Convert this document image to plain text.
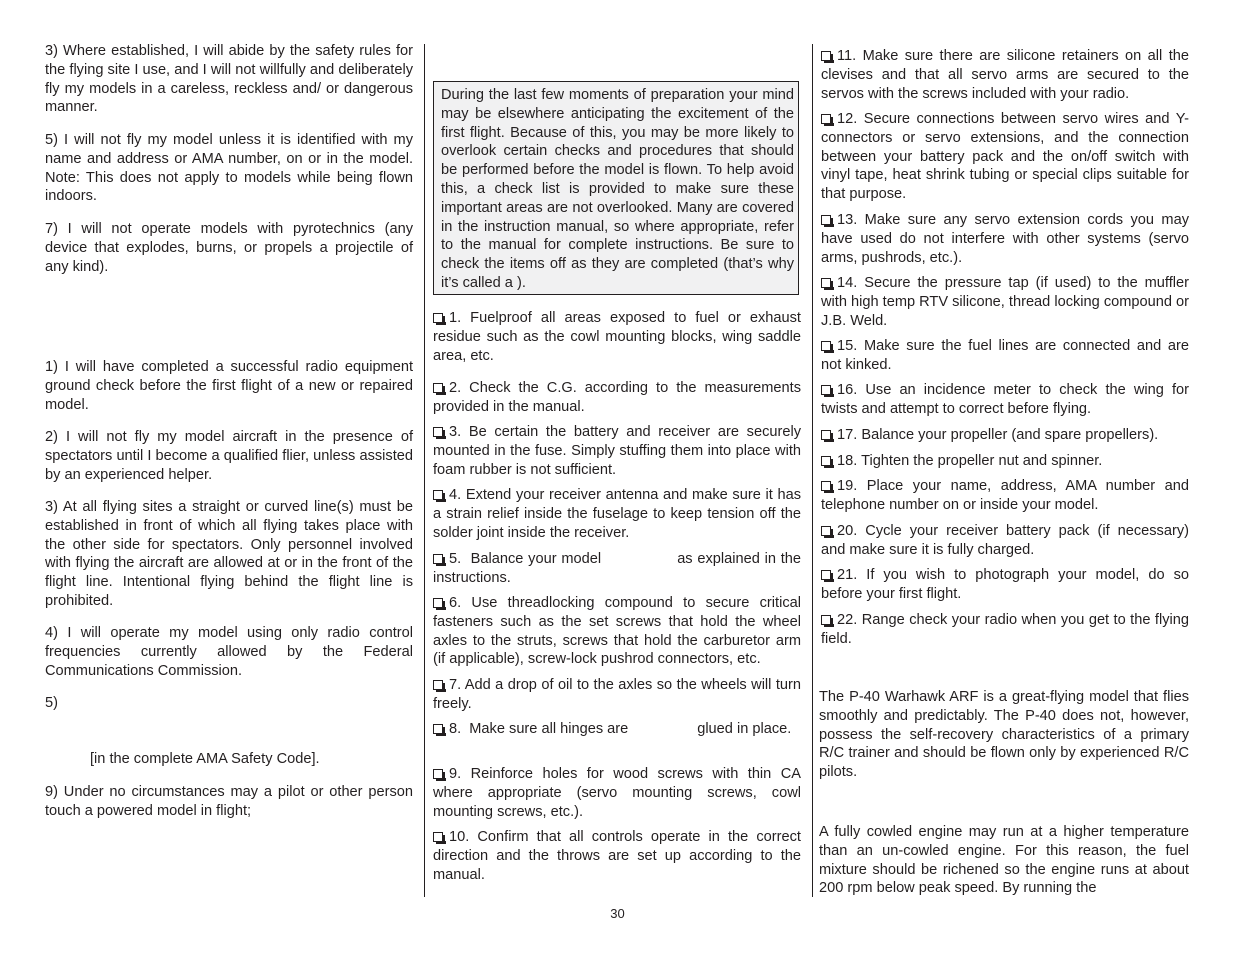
3) Where established, I will abide by the safety rules for the flying site I use, and I will not willfully and deliberately fly my models in a careless, reckless and/ or dangerous manner.

5) I will not fly my model unless it is identified with my name and address or AMA number, on or in the model. Note: This does not apply to models while being flown indoors.

7) I will not operate models with pyrotechnics (any device that explodes, burns, or propels a projectile of any kind).

1) I will have completed a successful radio equipment ground check before the first flight of a new or repaired model.

2) I will not fly my model aircraft in the presence of spectators until I become a qualified flier, unless assisted by an experienced helper.

3) At all flying sites a straight or curved line(s) must be established in front of which all flying takes place with the other side for spectators. Only personnel involved with flying the aircraft are allowed at or in the front of the flight line. Intentional flying behind the flight line is prohibited.

4) I will operate my model using only radio control frequencies currently allowed by the Federal Communications Commission.

5)

[in the complete AMA Safety Code].

9) Under no circumstances may a pilot or other person touch a powered model in flight;

During the last few moments of preparation your mind may be elsewhere anticipating the excitement of the first flight. Because of this, you may be more likely to overlook certain checks and procedures that should be performed before the model is flown. To help avoid this, a check list is provided to make sure these important areas are not overlooked. Many are covered in the instruction manual, so where appropriate, refer to the manual for complete instructions. Be sure to check the items off as they are completed (that’s why it’s called a ).

1. Fuelproof all areas exposed to fuel or exhaust residue such as the cowl mounting blocks, wing saddle area, etc.

2. Check the C.G. according to the measurements provided in the manual.

3. Be certain the battery and receiver are securely mounted in the fuse. Simply stuffing them into place with foam rubber is not sufficient.

4. Extend your receiver antenna and make sure it has a strain relief inside the fuselage to keep tension off the solder joint inside the receiver.

5.  Balance your model                as explained in the instructions.

6. Use threadlocking compound to secure critical fasteners such as the set screws that hold the wheel axles to the struts, screws that hold the carburetor arm (if applicable), screw-lock pushrod connectors, etc.

7. Add a drop of oil to the axles so the wheels will turn freely.

8.  Make sure all hinges are                 glued in place.

9. Reinforce holes for wood screws with thin CA where appropriate (servo mounting screws, cowl mounting screws, etc.).

10. Confirm that all controls operate in the correct direction and the throws are set up according to the manual.

11. Make sure there are silicone retainers on all the clevises and that all servo arms are secured to the servos with the screws included with your radio.

12. Secure connections between servo wires and Y-connectors or servo extensions, and the connection between your battery pack and the on/off switch with vinyl tape, heat shrink tubing or special clips suitable for that purpose.

13. Make sure any servo extension cords you may have used do not interfere with other systems (servo arms, pushrods, etc.).

14. Secure the pressure tap (if used) to the muffler with high temp RTV silicone, thread locking compound or J.B. Weld.

15. Make sure the fuel lines are connected and are not kinked.

16. Use an incidence meter to check the wing for twists and attempt to correct before flying.

17. Balance your propeller (and spare propellers).

18. Tighten the propeller nut and spinner.

19. Place your name, address, AMA number and telephone number on or inside your model.

20. Cycle your receiver battery pack (if necessary) and make sure it is fully charged.

21. If you wish to photograph your model, do so before your first flight.

22. Range check your radio when you get to the flying field.

The P-40 Warhawk ARF is a great-flying model that flies smoothly and predictably. The P-40 does not, however, possess the self-recovery characteristics of a primary R/C trainer and should be flown only by experienced R/C pilots.

A fully cowled engine may run at a higher temperature than an un-cowled engine. For this reason, the fuel mixture should be richened so the engine runs at about 200 rpm below peak speed. By running the

30
